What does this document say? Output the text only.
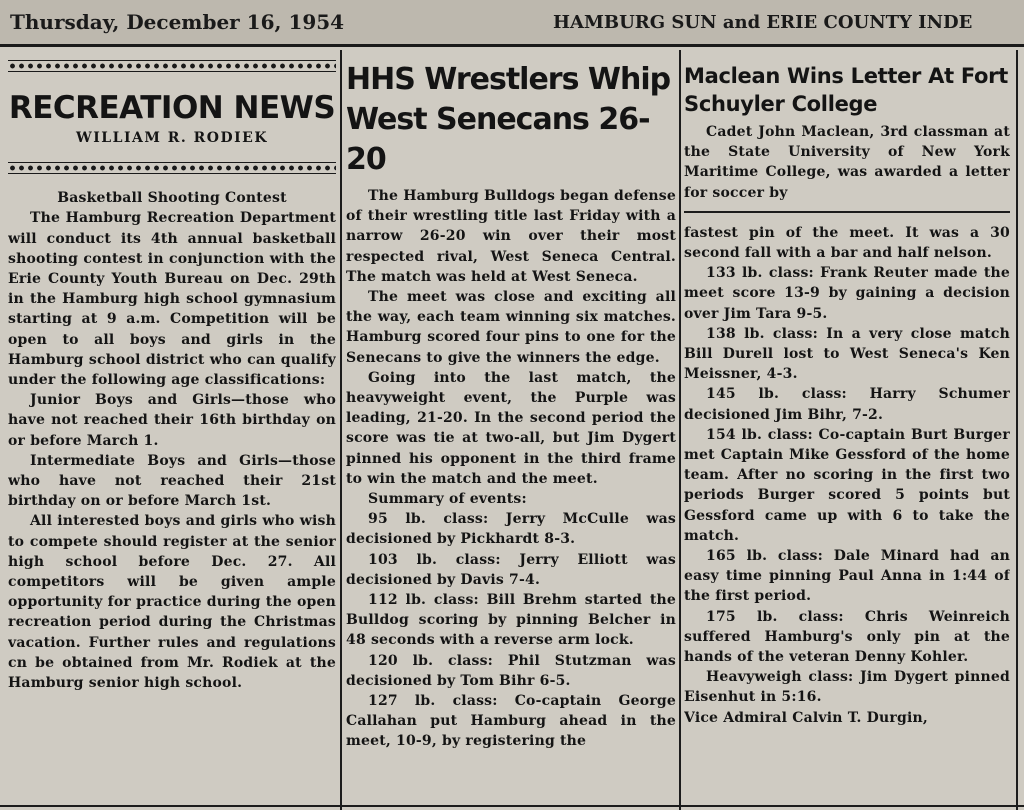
Thursday, December 16, 1954	HAMBURG SUN and ERIE COUNTY INDE
RECREATION NEWS
WILLIAM R. RODIEK
Basketball Shooting Contest

The Hamburg Recreation Department will conduct its 4th annual basketball shooting contest in conjunction with the Erie County Youth Bureau on Dec. 29th in the Hamburg high school gymnasium starting at 9 a.m. Competition will be open to all boys and girls in the Hamburg school district who can qualify under the following age classifications:

Junior Boys and Girls—those who have not reached their 16th birthday on or before March 1.

Intermediate Boys and Girls—those who have not reached their 21st birthday on or before March 1st.

All interested boys and girls who wish to compete should register at the senior high school before Dec. 27. All competitors will be given ample opportunity for practice during the open recreation period during the Christmas vacation. Further rules and regulations cn be obtained from Mr. Rodiek at the Hamburg senior high school.

HHS Wrestlers Whip West Senecans 26-20

The Hamburg Bulldogs began defense of their wrestling title last Friday with a narrow 26-20 win over their most respected rival, West Seneca Central. The match was held at West Seneca.

The meet was close and exciting all the way, each team winning six matches. Hamburg scored four pins to one for the Senecans to give the winners the edge.

Going into the last match, the heavyweight event, the Purple was leading, 21-20. In the second period the score was tie at two-all, but Jim Dygert pinned his opponent in the third frame to win the match and the meet.

Summary of events:

95 lb. class: Jerry McCulle was decisioned by Pickhardt 8-3.

103 lb. class: Jerry Elliott was decisioned by Davis 7-4.

112 lb. class: Bill Brehm started the Bulldog scoring by pinning Belcher in 48 seconds with a reverse arm lock.

120 lb. class: Phil Stutzman was decisioned by Tom Bihr 6-5.

127 lb. class: Co-captain George Callahan put Hamburg ahead in the meet, 10-9, by registering the

Maclean Wins Letter At Fort Schuyler College

Cadet John Maclean, 3rd classman at the State University of New York Maritime College, was awarded a letter for soccer by

fastest pin of the meet. It was a 30 second fall with a bar and half nelson.

133 lb. class: Frank Reuter made the meet score 13-9 by gaining a decision over Jim Tara 9-5.

138 lb. class: In a very close match Bill Durell lost to West Seneca's Ken Meissner, 4-3.

145 lb. class: Harry Schumer decisioned Jim Bihr, 7-2.

154 lb. class: Co-captain Burt Burger met Captain Mike Gessford of the home team. After no scoring in the first two periods Burger scored 5 points but Gessford came up with 6 to take the match.

165 lb. class: Dale Minard had an easy time pinning Paul Anna in 1:44 of the first period.

175 lb. class: Chris Weinreich suffered Hamburg's only pin at the hands of the veteran Denny Kohler.

Heavyweigh class: Jim Dygert pinned Eisenhut in 5:16.

Vice Admiral Calvin T. Durgin,
